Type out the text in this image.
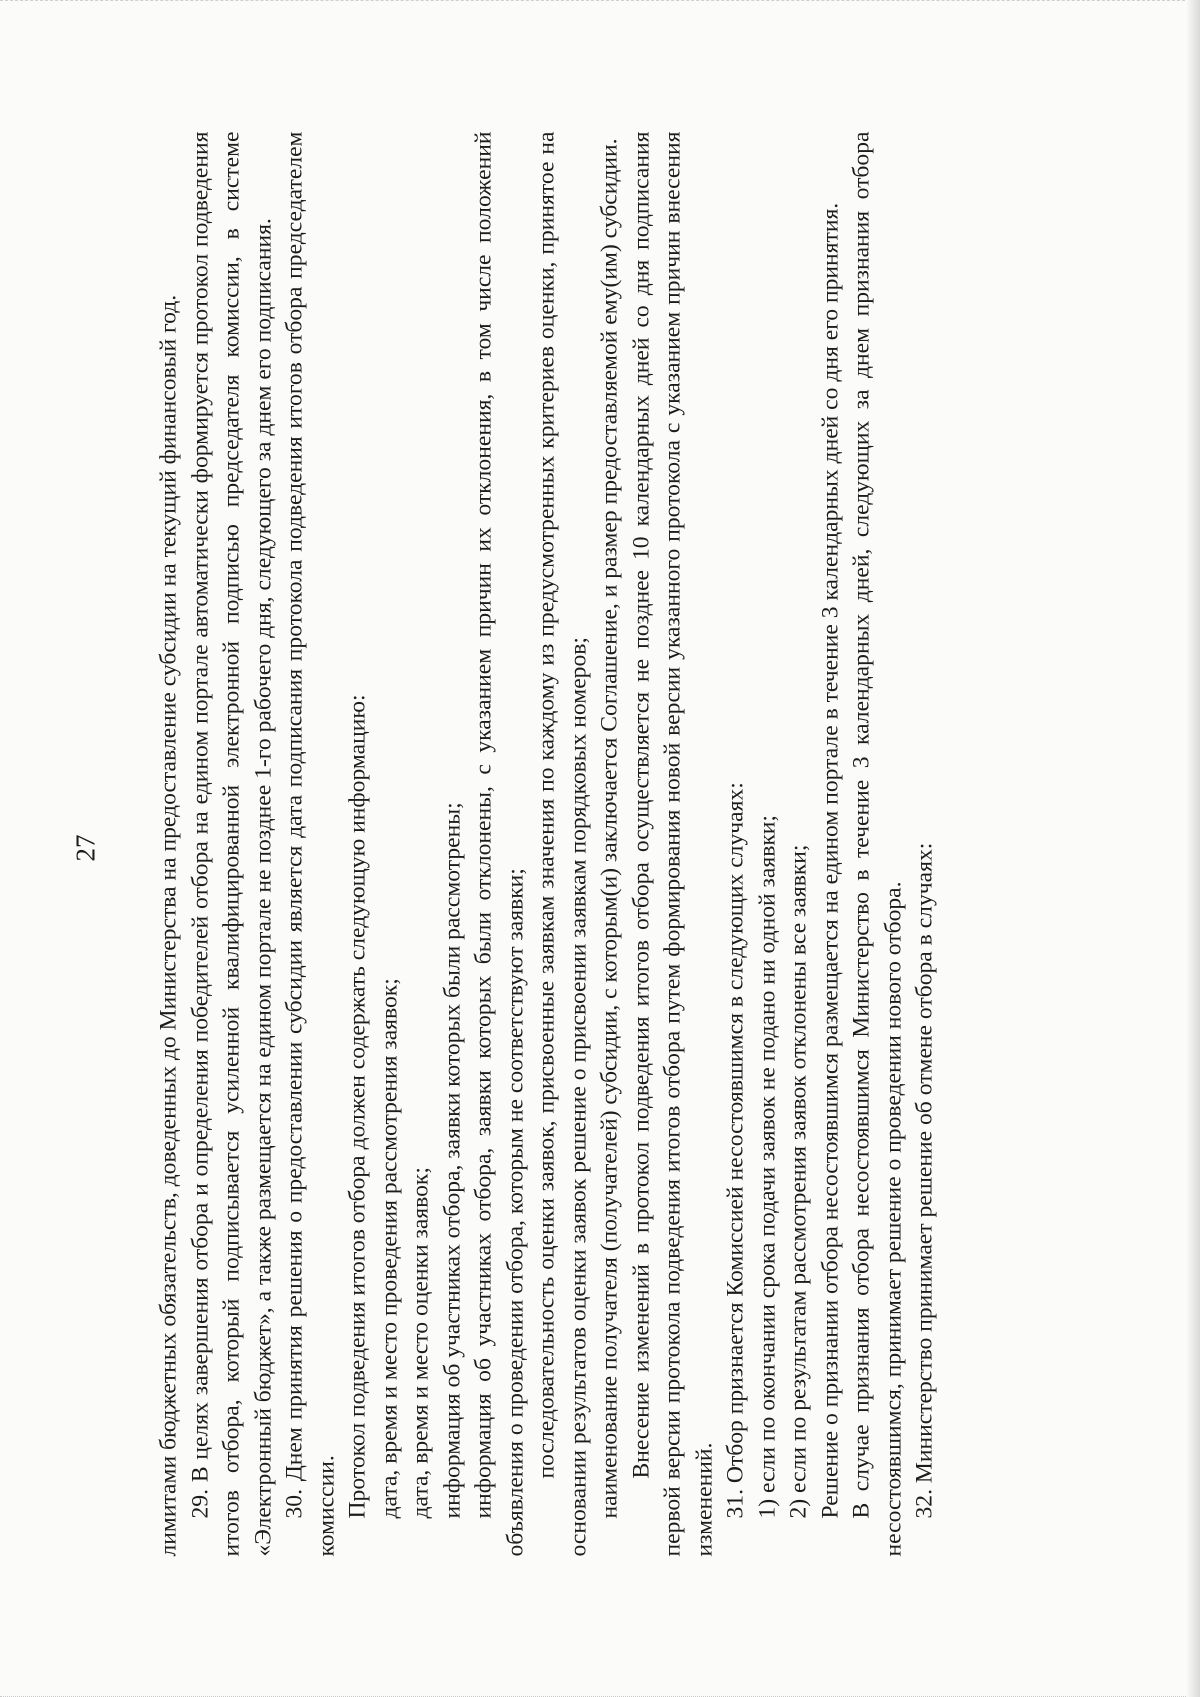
27 лимитами бюджетных обязательств, доведенных до Министерства на предоставление субсидии на текущий финансовый год. 29. В целях завершения отбора и определения победителей отбора на едином портале автоматически формируется протокол подведения итогов отбора, который подписывается усиленной квалифицированной электронной подписью председателя комиссии, в системе «Электронный бюджет», а также размещается на едином портале не позднее 1-го рабочего дня, следующего за днем его подписания. 30. Днем принятия решения о предоставлении субсидии является дата подписания протокола подведения итогов отбора председателем комиссии. Протокол подведения итогов отбора должен содержать следующую информацию: дата, время и место проведения рассмотрения заявок; дата, время и место оценки заявок; информация об участниках отбора, заявки которых были рассмотрены; информация об участниках отбора, заявки которых были отклонены, с указанием причин их отклонения, в том числе положений объявления о проведении отбора, которым не соответствуют заявки; последовательность оценки заявок, присвоенные заявкам значения по каждому из предусмотренных критериев оценки, принятое на основании результатов оценки заявок решение о присвоении заявкам порядковых номеров; наименование получателя (получателей) субсидии, с которым(и) заключается Соглашение, и размер предоставляемой ему(им) субсидии. Внесение изменений в протокол подведения итогов отбора осуществляется не позднее 10 календарных дней со дня подписания первой версии протокола подведения итогов отбора путем формирования новой версии указанного протокола с указанием причин внесения изменений. 31. Отбор признается Комиссией несостоявшимся в следующих случаях: 1) если по окончании срока подачи заявок не подано ни одной заявки; 2) если по результатам рассмотрения заявок отклонены все заявки; Решение о признании отбора несостоявшимся размещается на едином портале в течение 3 календарных дней со дня его принятия. В случае признания отбора несостоявшимся Министерство в течение 3 календарных дней, следующих за днем признания отбора несостоявшимся, принимает решение о проведении нового отбора. 32. Министерство принимает решение об отмене отбора в случаях:
